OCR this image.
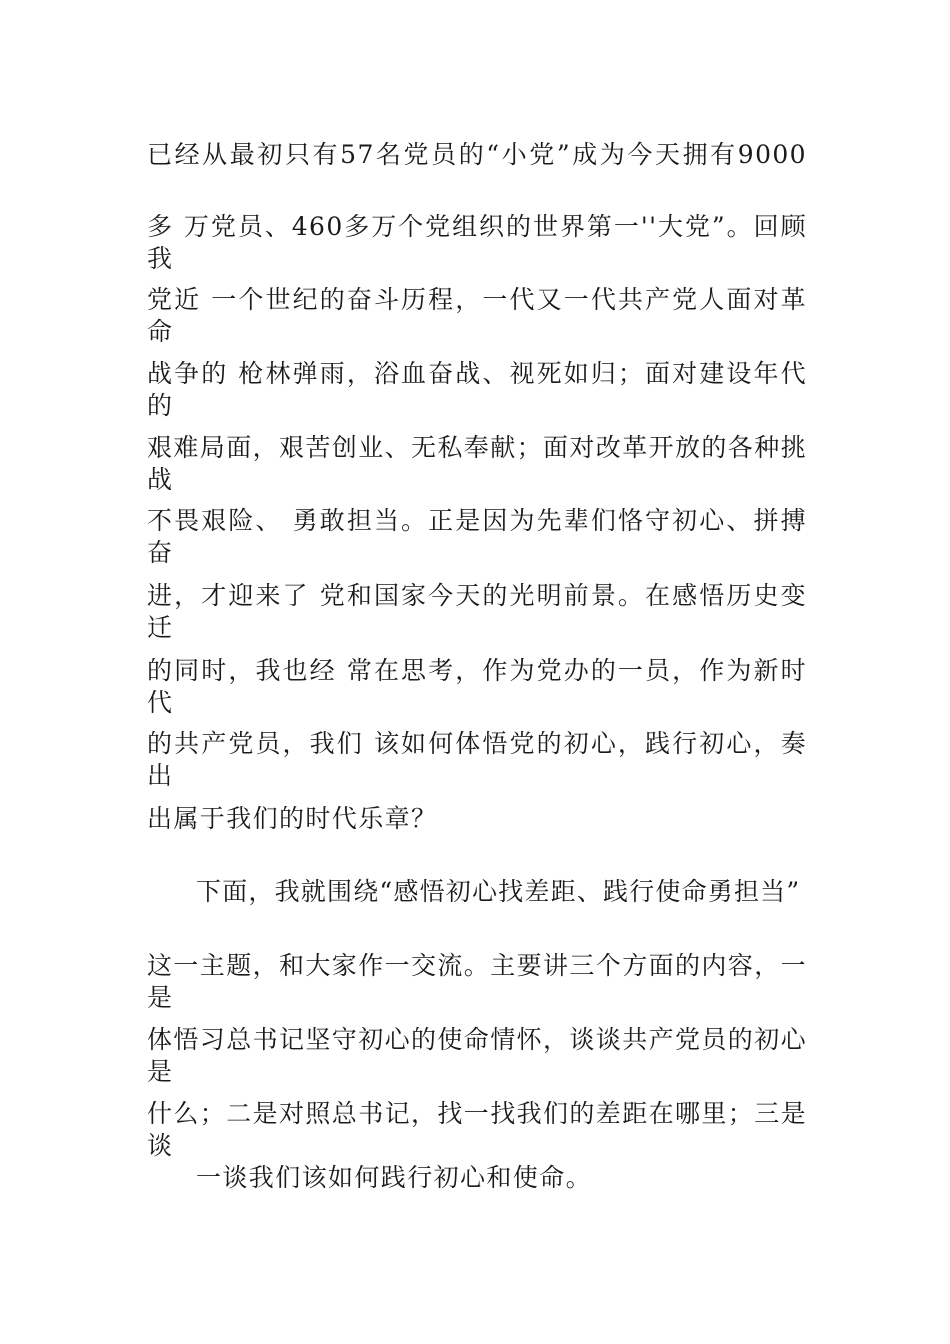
已经从最初只有57名党员的“小党”成为今天拥有9000
多 万党员、460多万个党组织的世界第一''大党”。回顾我
党近 一个世纪的奋斗历程，一代又一代共产党人面对革命
战争的 枪林弹雨，浴血奋战、视死如归；面对建设年代的
艰难局面，艰苦创业、无私奉献；面对改革开放的各种挑战
不畏艰险、 勇敢担当。正是因为先辈们恪守初心、拼搏奋
进，才迎来了 党和国家今天的光明前景。在感悟历史变迁
的同时，我也经 常在思考，作为党办的一员，作为新时代
的共产党员，我们 该如何体悟党的初心，践行初心，奏出
出属于我们的时代乐章？
下面，我就围绕“感悟初心找差距、践行使命勇担当”
这一主题，和大家作一交流。主要讲三个方面的内容，一是
体悟习总书记坚守初心的使命情怀，谈谈共产党员的初心是
什么；二是对照总书记，找一找我们的差距在哪里；三是谈
一谈我们该如何践行初心和使命。
